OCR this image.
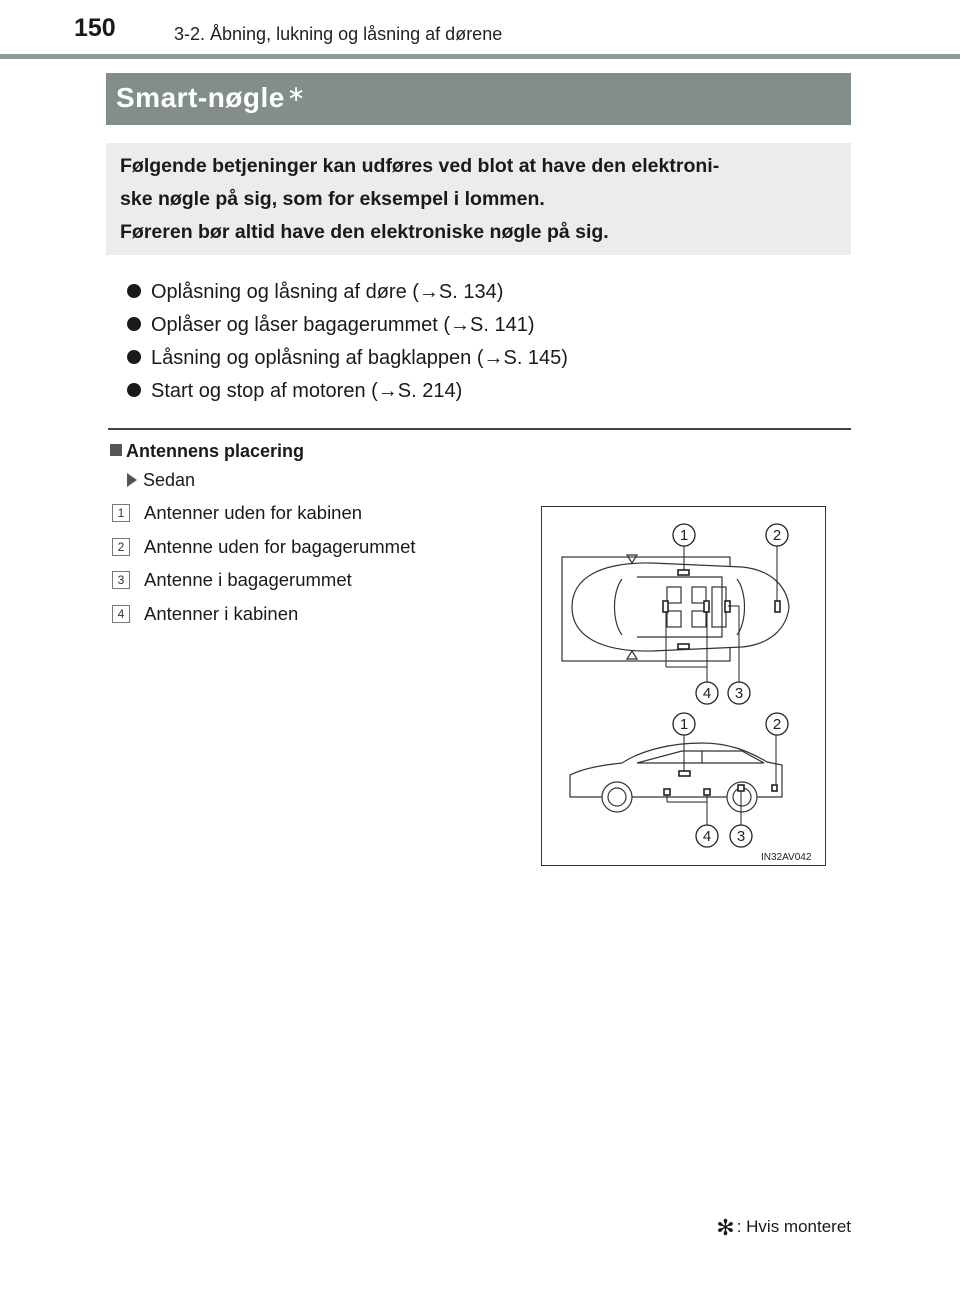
150	3-2. Åbning, lukning og låsning af dørene
Smart-nøgle∗
Følgende betjeninger kan udføres ved blot at have den elektroni-
ske nøgle på sig, som for eksempel i lommen.
Føreren bør altid have den elektroniske nøgle på sig.
Oplåsning og låsning af døre (→S. 134)
Oplåser og låser bagagerummet (→S. 141)
Låsning og oplåsning af bagklappen (→S. 145)
Start og stop af motoren (→S. 214)
Antennens placering
Sedan
1	Antenner uden for kabinen
2	Antenne uden for bagagerummet
3	Antenne i bagagerummet
4	Antenner i kabinen
1	2
4 3
1	2
4 3
IN32AV042
✻ : Hvis monteret
